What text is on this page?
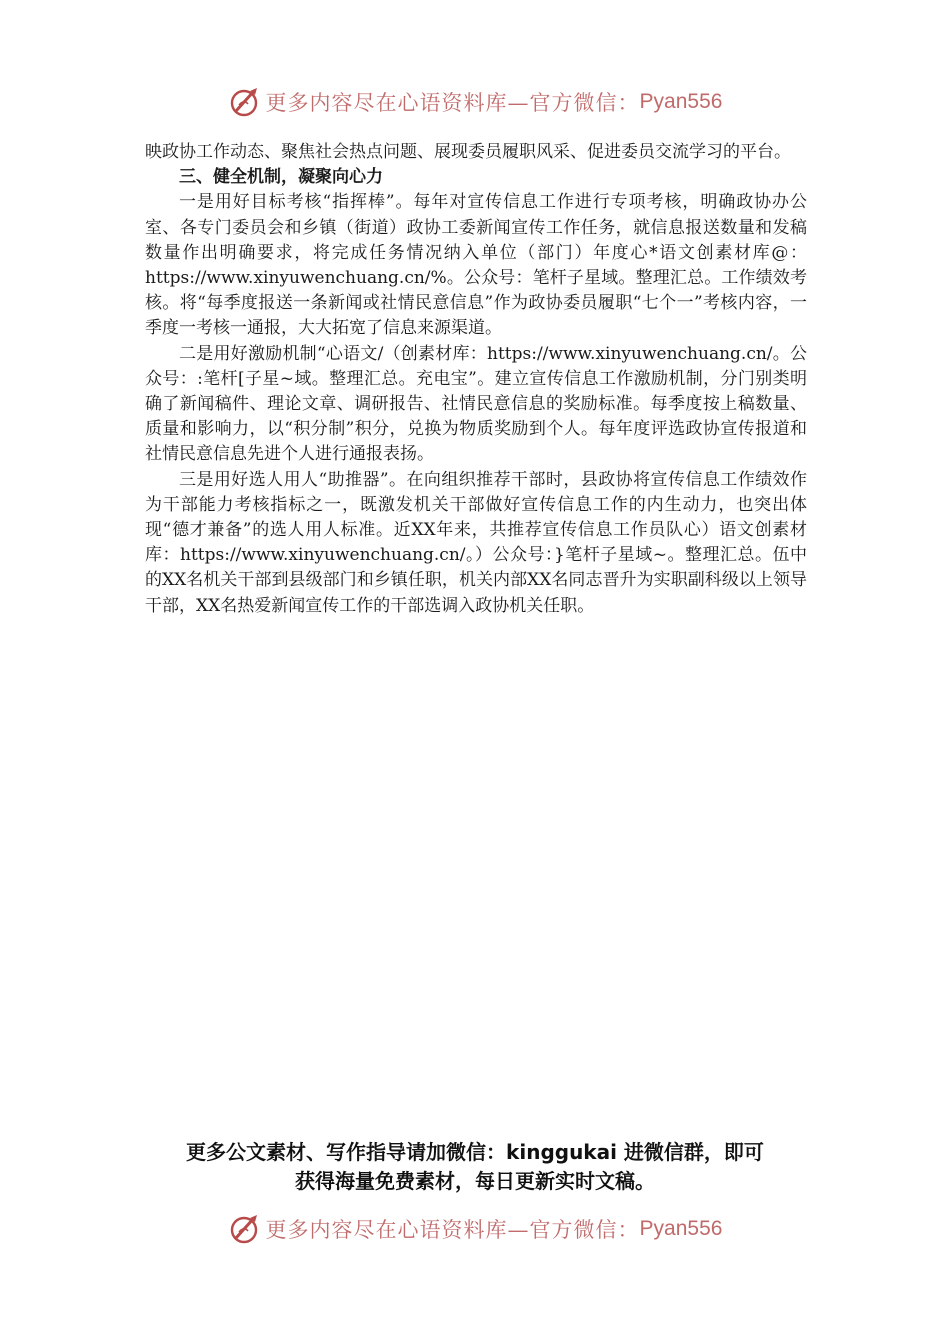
更多内容尽在心语资料库—官方微信： Pyan556

映政协工作动态、聚焦社会热点问题、展现委员履职风采、促进委员交流学习的平台。

三、健全机制，凝聚向心力

一是用好目标考核“指挥棒”。每年对宣传信息工作进行专项考核，明确政协办公室、各专门委员会和乡镇（街道）政协工委新闻宣传工作任务，就信息报送数量和发稿数量作出明确要求，将完成任务情况纳入单位（部门）年度心*语文创素材库@：https://www.xinyuwenchuang.cn/%。公众号：笔杆子星域。整理汇总。工作绩效考核。将“每季度报送一条新闻或社情民意信息”作为政协委员履职“七个一”考核内容，一季度一考核一通报，大大拓宽了信息来源渠道。

二是用好激励机制“心语文/（创素材库：https://www.xinyuwenchuang.cn/。公众号：:笔杆[子星~域。整理汇总。充电宝”。建立宣传信息工作激励机制，分门别类明确了新闻稿件、理论文章、调研报告、社情民意信息的奖励标准。每季度按上稿数量、质量和影响力，以“积分制”积分，兑换为物质奖励到个人。每年度评选政协宣传报道和社情民意信息先进个人进行通报表扬。

三是用好选人用人“助推器”。在向组织推荐干部时，县政协将宣传信息工作绩效作为干部能力考核指标之一，既激发机关干部做好宣传信息工作的内生动力，也突出体现“德才兼备”的选人用人标准。近XX年来，共推荐宣传信息工作员队心）语文创素材库：https://www.xinyuwenchuang.cn/。）公众号：}笔杆子星域~。整理汇总。伍中的XX名机关干部到县级部门和乡镇任职，机关内部XX名同志晋升为实职副科级以上领导干部，XX名热爱新闻宣传工作的干部选调入政协机关任职。

更多公文素材、写作指导请加微信：kinggukai 进微信群，即可
获得海量免费素材，每日更新实时文稿。
更多内容尽在心语资料库—官方微信： Pyan556
